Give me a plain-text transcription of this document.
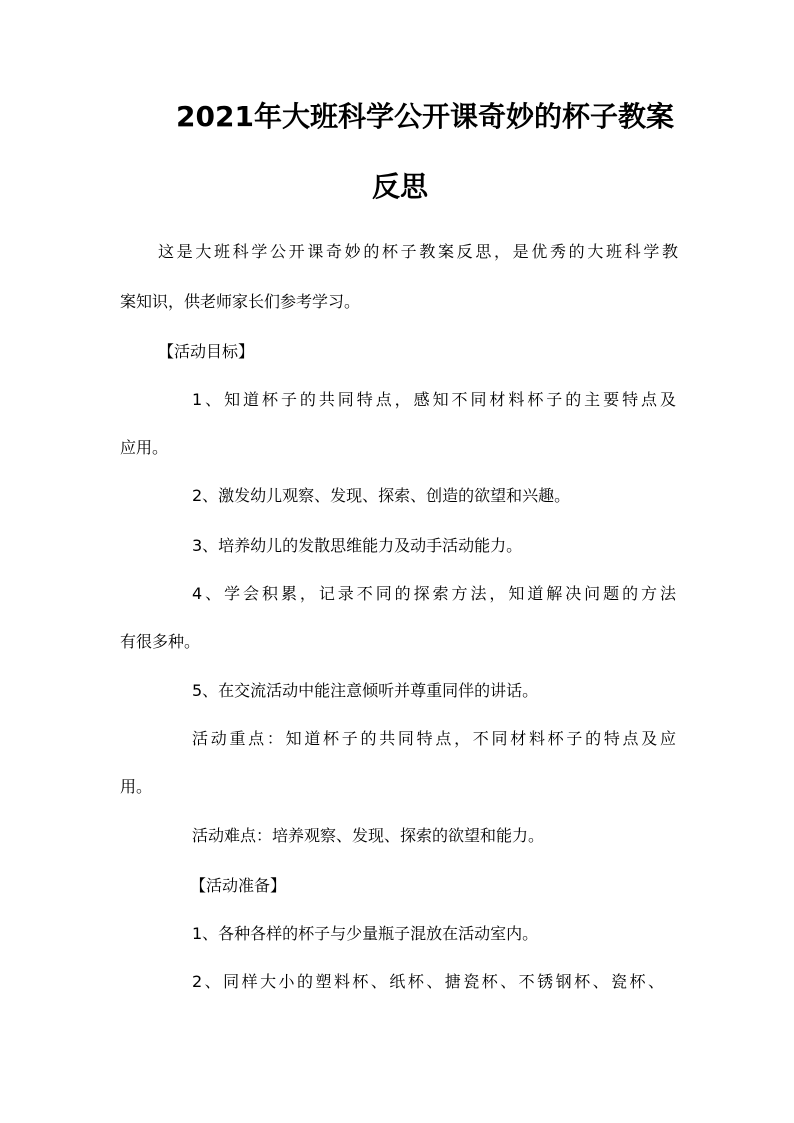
2021年大班科学公开课奇妙的杯子教案
反思

这是大班科学公开课奇妙的杯子教案反思，是优秀的大班科学教

案知识，供老师家长们参考学习。

【活动目标】

1、知道杯子的共同特点，感知不同材料杯子的主要特点及

应用。

2、激发幼儿观察、发现、探索、创造的欲望和兴趣。

3、培养幼儿的发散思维能力及动手活动能力。

4、学会积累，记录不同的探索方法，知道解决问题的方法

有很多种。

5、在交流活动中能注意倾听并尊重同伴的讲话。

活动重点：知道杯子的共同特点，不同材料杯子的特点及应

用。

活动难点：培养观察、发现、探索的欲望和能力。

【活动准备】

1、各种各样的杯子与少量瓶子混放在活动室内。

2、同样大小的塑料杯、纸杯、搪瓷杯、不锈钢杯、瓷杯、
